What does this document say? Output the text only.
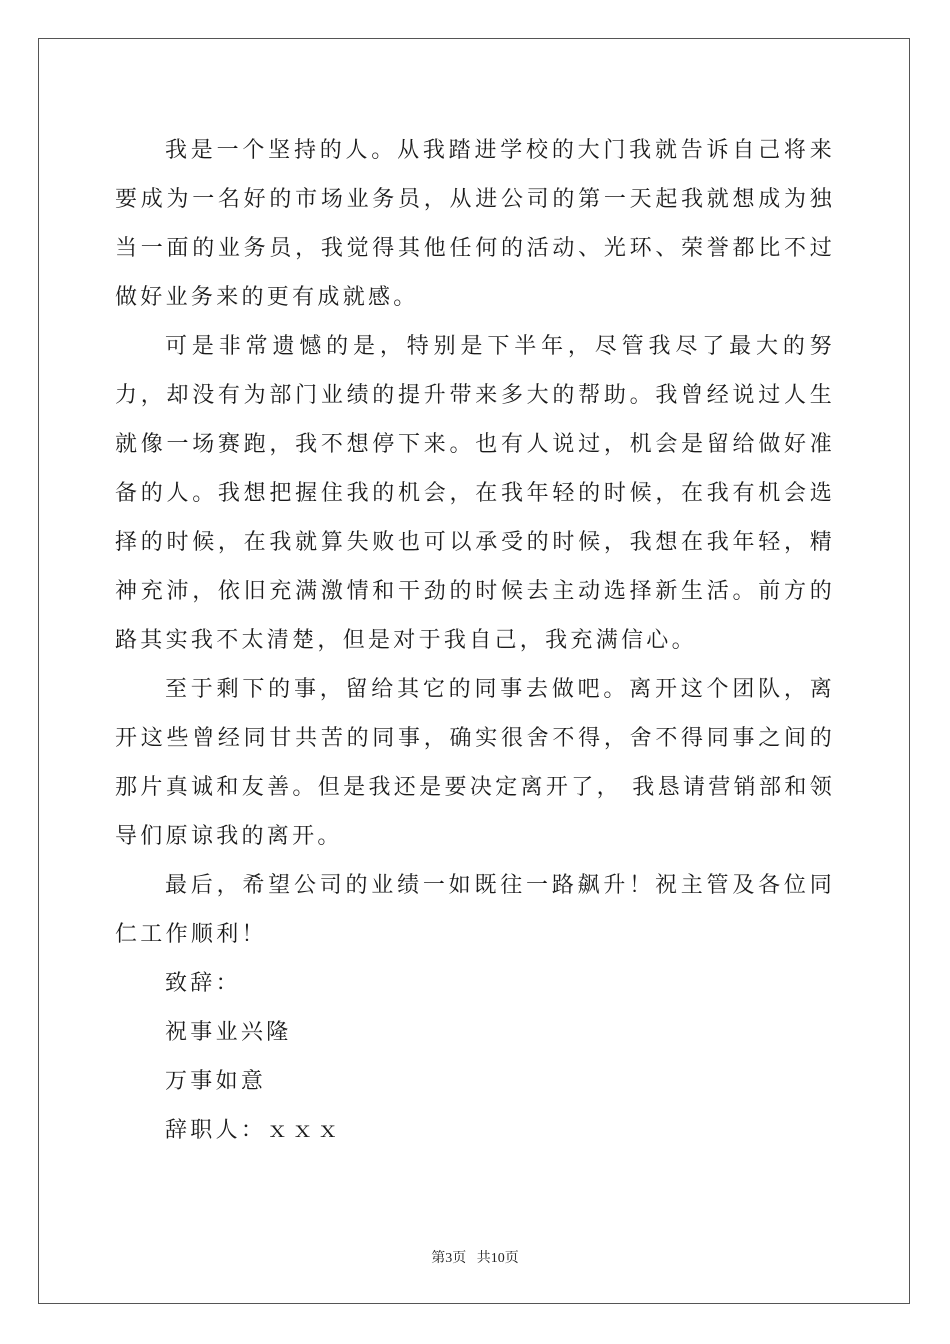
我是一个坚持的人。从我踏进学校的大门我就告诉自己将来要成为一名好的市场业务员，从进公司的第一天起我就想成为独当一面的业务员，我觉得其他任何的活动、光环、荣誉都比不过做好业务来的更有成就感。

可是非常遗憾的是，特别是下半年，尽管我尽了最大的努力，却没有为部门业绩的提升带来多大的帮助。我曾经说过人生就像一场赛跑，我不想停下来。也有人说过，机会是留给做好准备的人。我想把握住我的机会，在我年轻的时候，在我有机会选择的时候，在我就算失败也可以承受的时候，我想在我年轻，精神充沛，依旧充满激情和干劲的时候去主动选择新生活。前方的路其实我不太清楚，但是对于我自己，我充满信心。

至于剩下的事，留给其它的同事去做吧。离开这个团队，离开这些曾经同甘共苦的同事，确实很舍不得，舍不得同事之间的那片真诚和友善。但是我还是要决定离开了， 我恳请营销部和领导们原谅我的离开。

最后，希望公司的业绩一如既往一路飙升！祝主管及各位同仁工作顺利！

致辞：

祝事业兴隆

万事如意

辞职人：ｘｘｘ

第3页 共10页
